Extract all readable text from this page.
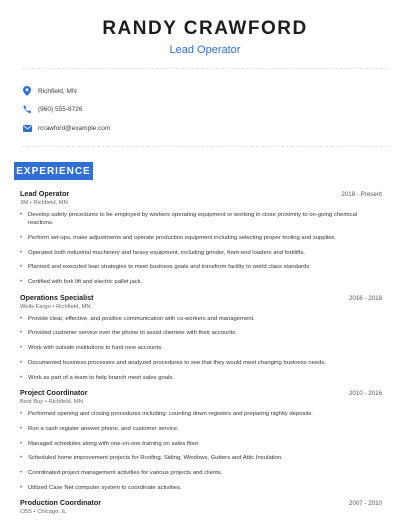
RANDY CRAWFORD
Lead Operator
Richfield, MN
(960) 555-8726
rcrawford@example.com
EXPERIENCE
Lead Operator	2018 - Present
3M • Richfield, MN
• Develop safety procedures to be employed by workers operating equipment or working in close proximity to on-going chemical reactions.
• Perform set-ups, make adjustments and operate production equipment including selecting proper tooling and supplies.
• Operated both industrial machinery and heavy equipment, including grinder, front-end loaders and forklifts.
• Planned and executed lean strategies to meet business goals and transform facility to world class standards.
• Certified with fork lift and electric pallet jack.
Operations Specialist	2016 - 2018
Wells Fargo • Richfield, MN
• Provide clear, effective, and positive communication with co-workers and management.
• Provided customer service over the phone to assist clientele with their accounts.
• Work with outside institutions to fund new accounts.
• Documented business processes and analyzed procedures to see that they would meet changing business needs.
• Work as part of a team to help branch meet sales goals.
Project Coordinator	2010 - 2016
Best Buy • Richfield, MN
• Performed opening and closing procedures including: counting down registers and preparing nightly deposits.
• Run a cash register answer phone, and customer service.
• Managed schedules along with one-on-one training on sales floor.
• Scheduled home improvement projects for Roofing, Siding, Windows, Gutters and Attic Insulation.
• Coordinated project management activities for various projects and clients.
• Utilized Case Net computer system to coordinate activities.
Production Coordinator	2007 - 2010
CBS • Chicago, IL
